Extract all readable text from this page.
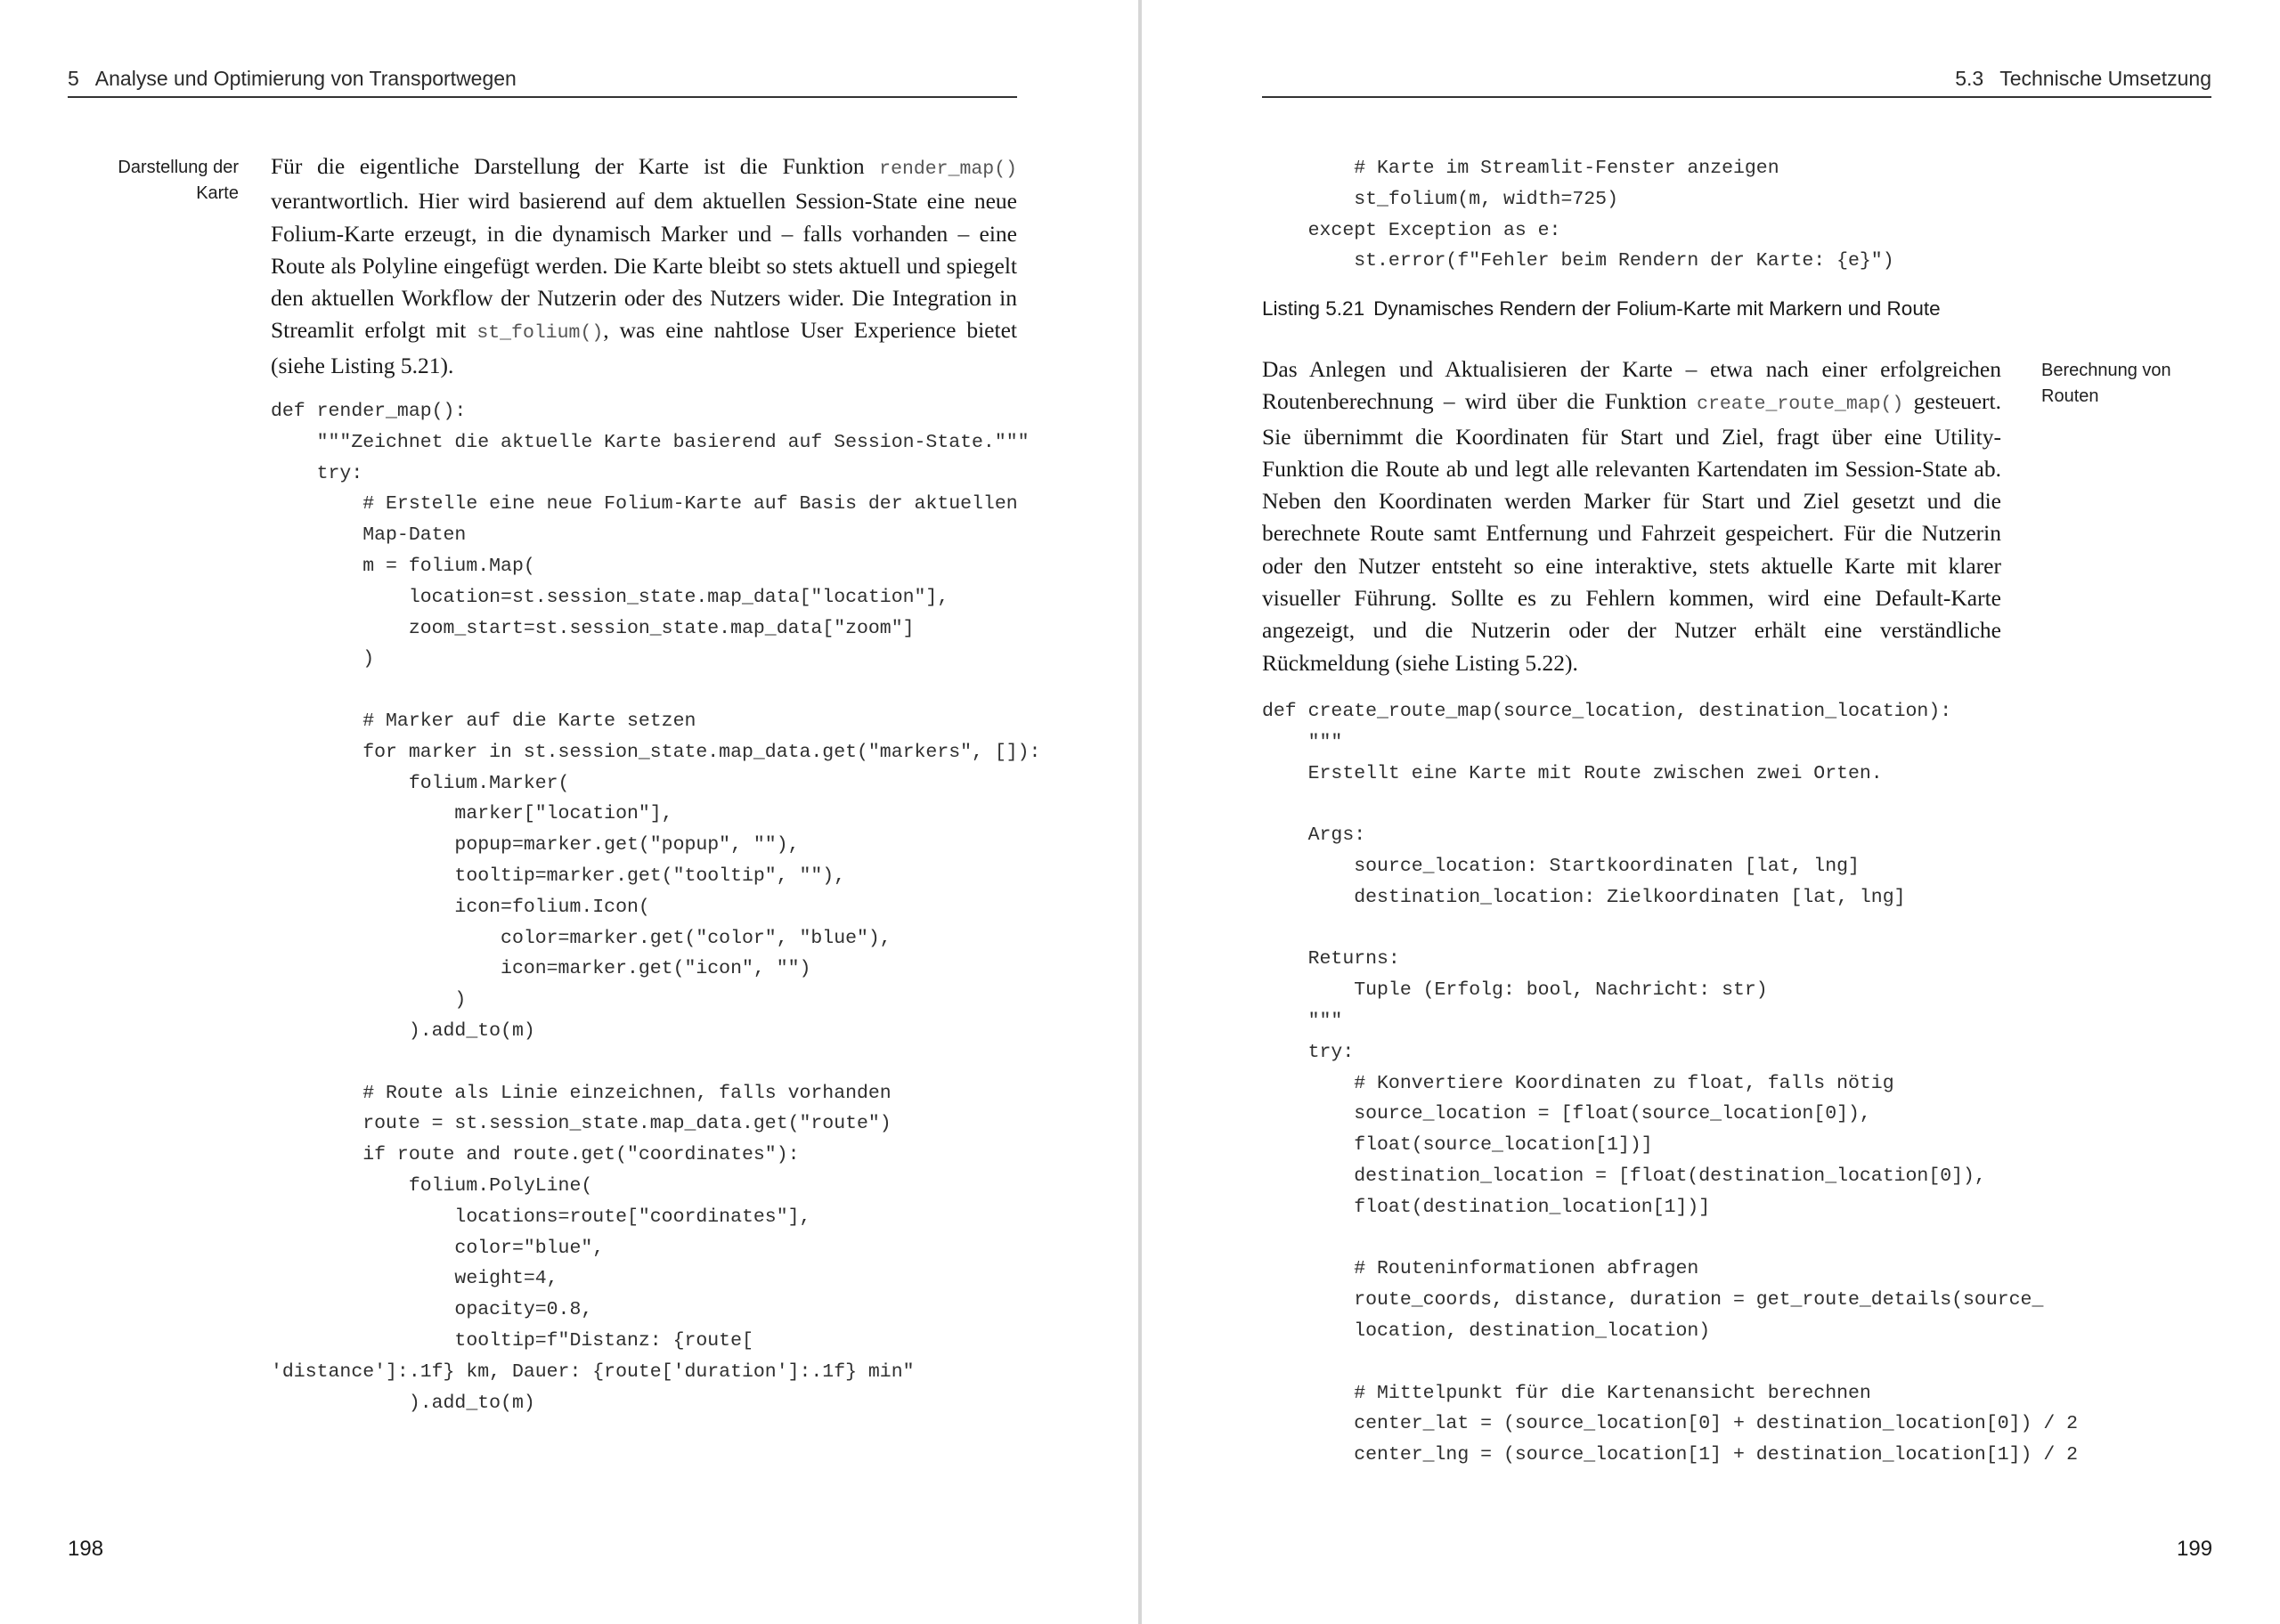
5 Analyse und Optimierung von Transportwegen
Darstellung der
Karte

Für die eigentliche Darstellung der Karte ist die Funktion render_map() verantwortlich. Hier wird basierend auf dem aktuellen Session-State eine neue Folium-Karte erzeugt, in die dynamisch Marker und – falls vorhanden – eine Route als Polyline eingefügt werden. Die Karte bleibt so stets aktuell und spiegelt den aktuellen Workflow der Nutzerin oder des Nutzers wider. Die Integration in Streamlit erfolgt mit st_folium(), was eine nahtlose User Experience bietet (siehe Listing 5.21).

def render_map():
"""Zeichnet die aktuelle Karte basierend auf Session-State."""
try:
# Erstelle eine neue Folium-Karte auf Basis der aktuellen
Map-Daten
m = folium.Map(
location=st.session_state.map_data["location"],
zoom_start=st.session_state.map_data["zoom"]
)
# Marker auf die Karte setzen
for marker in st.session_state.map_data.get("markers", []):
folium.Marker(
marker["location"],
popup=marker.get("popup", ""),
tooltip=marker.get("tooltip", ""),
icon=folium.Icon(
color=marker.get("color", "blue"),
icon=marker.get("icon", "")
)
).add_to(m)
# Route als Linie einzeichnen, falls vorhanden
route = st.session_state.map_data.get("route")
if route and route.get("coordinates"):
folium.PolyLine(
locations=route["coordinates"],
color="blue",
weight=4,
opacity=0.8,
tooltip=f"Distanz: {route[
'distance']:.1f} km, Dauer: {route['duration']:.1f} min"
).add_to(m)
198
5.3 Technische Umsetzung
# Karte im Streamlit-Fenster anzeigen
st_folium(m, width=725)
except Exception as e:
st.error(f"Fehler beim Rendern der Karte: {e}")
Listing 5.21 Dynamisches Rendern der Folium-Karte mit Markern und Route
Berechnung von
Routen

Das Anlegen und Aktualisieren der Karte – etwa nach einer erfolgreichen Routenberechnung – wird über die Funktion create_route_map() gesteuert. Sie übernimmt die Koordinaten für Start und Ziel, fragt über eine Utility-Funktion die Route ab und legt alle relevanten Kartendaten im Session-State ab. Neben den Koordinaten werden Marker für Start und Ziel gesetzt und die berechnete Route samt Entfernung und Fahrzeit gespeichert. Für die Nutzerin oder den Nutzer entsteht so eine interaktive, stets aktuelle Karte mit klarer visueller Führung. Sollte es zu Fehlern kommen, wird eine Default-Karte angezeigt, und die Nutzerin oder der Nutzer erhält eine verständliche Rückmeldung (siehe Listing 5.22).

def create_route_map(source_location, destination_location):
"""
Erstellt eine Karte mit Route zwischen zwei Orten.
Args:
source_location: Startkoordinaten [lat, lng]
destination_location: Zielkoordinaten [lat, lng]
Returns:
Tuple (Erfolg: bool, Nachricht: str)
"""
try:
# Konvertiere Koordinaten zu float, falls nötig
source_location = [float(source_location[0]),
float(source_location[1])]
destination_location = [float(destination_location[0]),
float(destination_location[1])]
# Routeninformationen abfragen
route_coords, distance, duration = get_route_details(source_
location, destination_location)
# Mittelpunkt für die Kartenansicht berechnen
center_lat = (source_location[0] + destination_location[0]) / 2
center_lng = (source_location[1] + destination_location[1]) / 2
199
